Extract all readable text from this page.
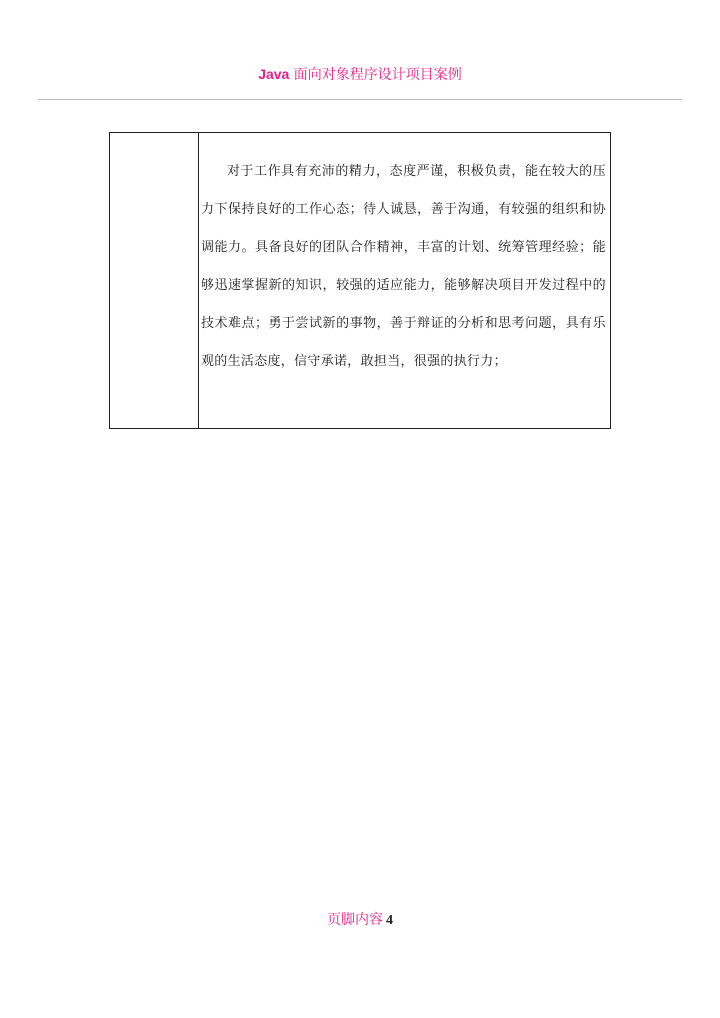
Java 面向对象程序设计项目案例

对于工作具有充沛的精力，态度严谨，积极负责，能在较大的压力下保持良好的工作心态；待人诚恳，善于沟通，有较强的组织和协调能力。具备良好的团队合作精神，丰富的计划、统筹管理经验；能够迅速掌握新的知识，较强的适应能力，能够解决项目开发过程中的技术难点；勇于尝试新的事物，善于辩证的分析和思考问题，具有乐观的生活态度，信守承诺，敢担当，很强的执行力；

页脚内容 4
